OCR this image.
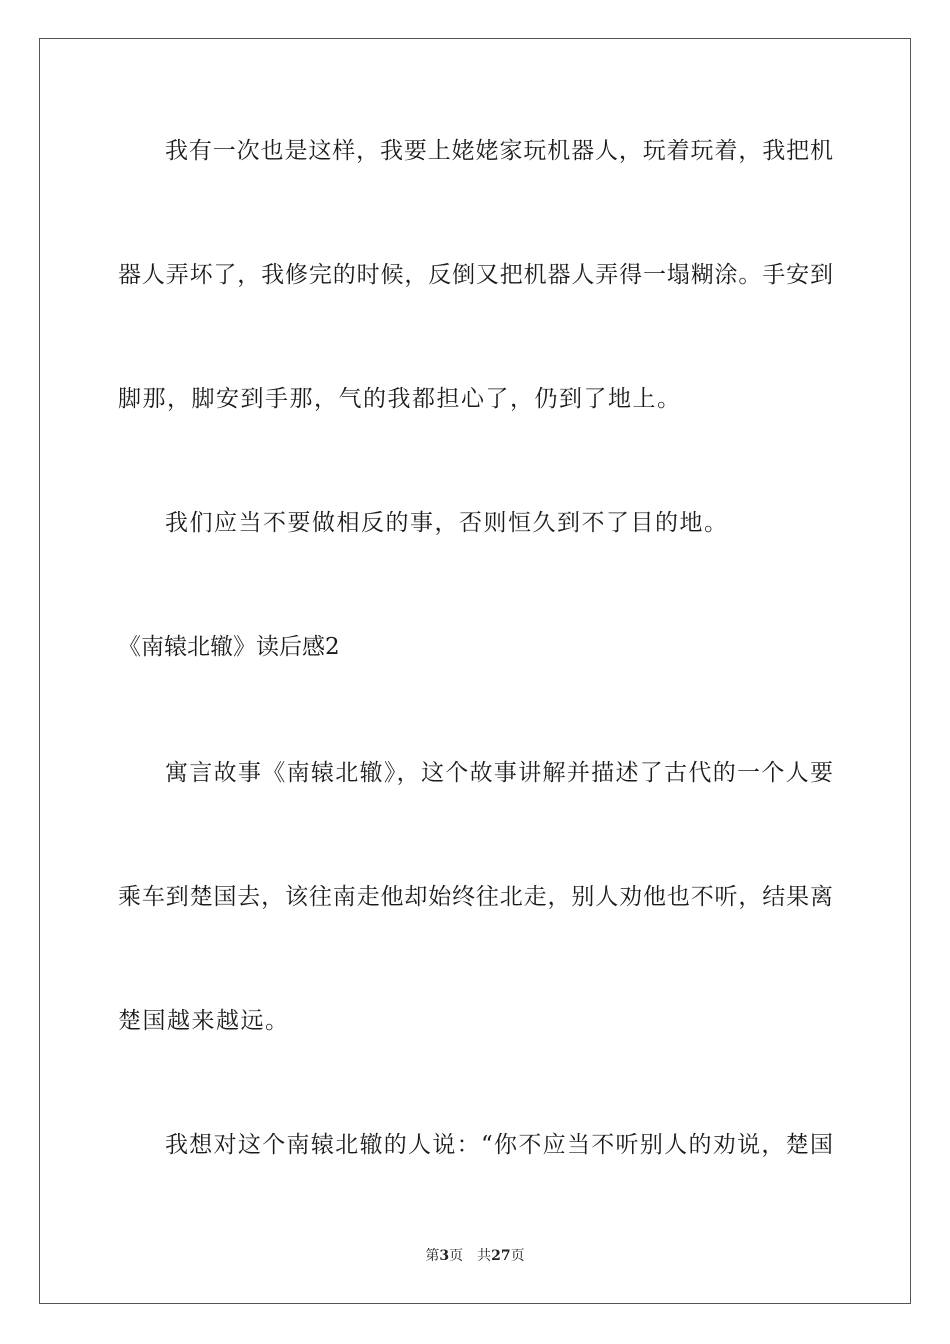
我有一次也是这样，我要上姥姥家玩机器人，玩着玩着，我把机
器人弄坏了，我修完的时候，反倒又把机器人弄得一塌糊涂。手安到
脚那，脚安到手那，气的我都担心了，仍到了地上。
我们应当不要做相反的事，否则恒久到不了目的地。
《南辕北辙》读后感2
寓言故事《南辕北辙》，这个故事讲解并描述了古代的一个人要
乘车到楚国去，该往南走他却始终往北走，别人劝他也不听，结果离
楚国越来越远。
我想对这个南辕北辙的人说：“你不应当不听别人的劝说，楚国
第3页 共27页
